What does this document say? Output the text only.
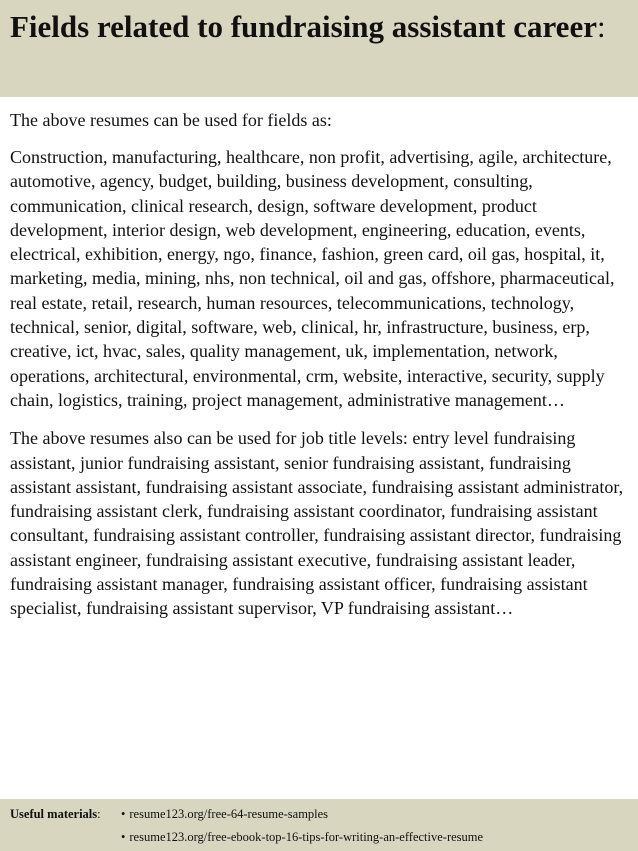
Fields related to fundraising assistant career:

The above resumes can be used for fields as:

Construction, manufacturing, healthcare, non profit, advertising, agile, architecture, automotive, agency, budget, building, business development, consulting, communication, clinical research, design, software development, product development, interior design, web development, engineering, education, events, electrical, exhibition, energy, ngo, finance, fashion, green card, oil gas, hospital, it, marketing, media, mining, nhs, non technical, oil and gas, offshore, pharmaceutical, real estate, retail, research, human resources, telecommunications, technology, technical, senior, digital, software, web, clinical, hr, infrastructure, business, erp, creative, ict, hvac, sales, quality management, uk, implementation, network, operations, architectural, environmental, crm, website, interactive, security, supply chain, logistics, training, project management, administrative management…

The above resumes also can be used for job title levels: entry level fundraising assistant, junior fundraising assistant, senior fundraising assistant, fundraising assistant assistant, fundraising assistant associate, fundraising assistant administrator, fundraising assistant clerk, fundraising assistant coordinator, fundraising assistant consultant, fundraising assistant controller, fundraising assistant director, fundraising assistant engineer, fundraising assistant executive, fundraising assistant leader, fundraising assistant manager, fundraising assistant officer, fundraising assistant specialist, fundraising assistant supervisor, VP fundraising assistant…

Useful materials: • resume123.org/free-64-resume-samples
• resume123.org/free-ebook-top-16-tips-for-writing-an-effective-resume
